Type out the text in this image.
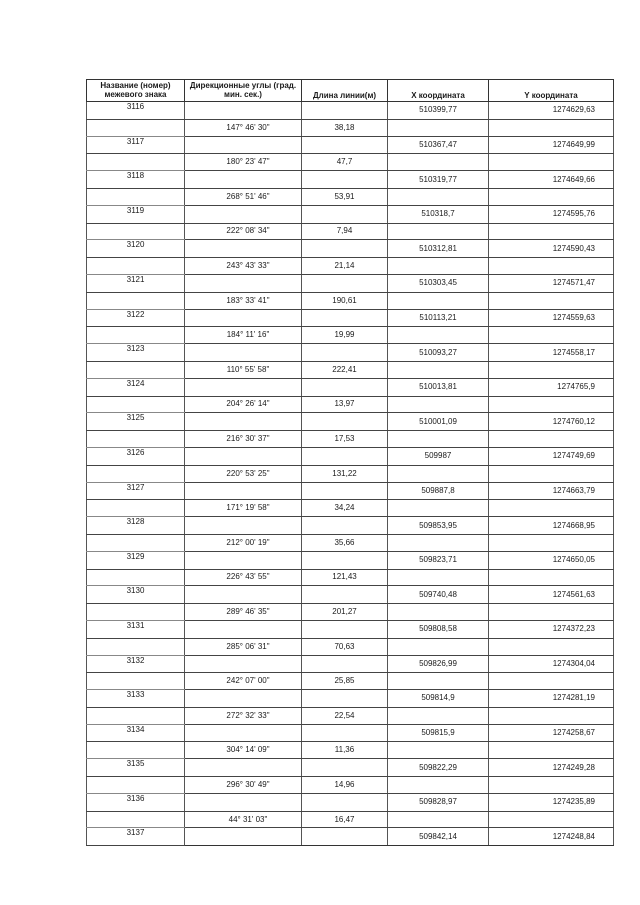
Название (номер) межевого знака	Дирекционные углы (град. мин. сек.)	Длина линии(м)	X координата	Y координата
3116			510399,77	1274629,63
	147° 46' 30"	38,18		
3117			510367,47	1274649,99
	180° 23' 47"	47,7		
3118			510319,77	1274649,66
	268° 51' 46"	53,91		
3119			510318,7	1274595,76
	222° 08' 34"	7,94		
3120			510312,81	1274590,43
	243° 43' 33"	21,14		
3121			510303,45	1274571,47
	183° 33' 41"	190,61		
3122			510113,21	1274559,63
	184° 11' 16"	19,99		
3123			510093,27	1274558,17
	110° 55' 58"	222,41		
3124			510013,81	1274765,9
	204° 26' 14"	13,97		
3125			510001,09	1274760,12
	216° 30' 37"	17,53		
3126			509987	1274749,69
	220° 53' 25"	131,22		
3127			509887,8	1274663,79
	171° 19' 58"	34,24		
3128			509853,95	1274668,95
	212° 00' 19"	35,66		
3129			509823,71	1274650,05
	226° 43' 55"	121,43		
3130			509740,48	1274561,63
	289° 46' 35"	201,27		
3131			509808,58	1274372,23
	285° 06' 31"	70,63		
3132			509826,99	1274304,04
	242° 07' 00"	25,85		
3133			509814,9	1274281,19
	272° 32' 33"	22,54		
3134			509815,9	1274258,67
	304° 14' 09"	11,36		
3135			509822,29	1274249,28
	296° 30' 49"	14,96		
3136			509828,97	1274235,89
	44° 31' 03"	16,47		
3137			509842,14	1274248,84
